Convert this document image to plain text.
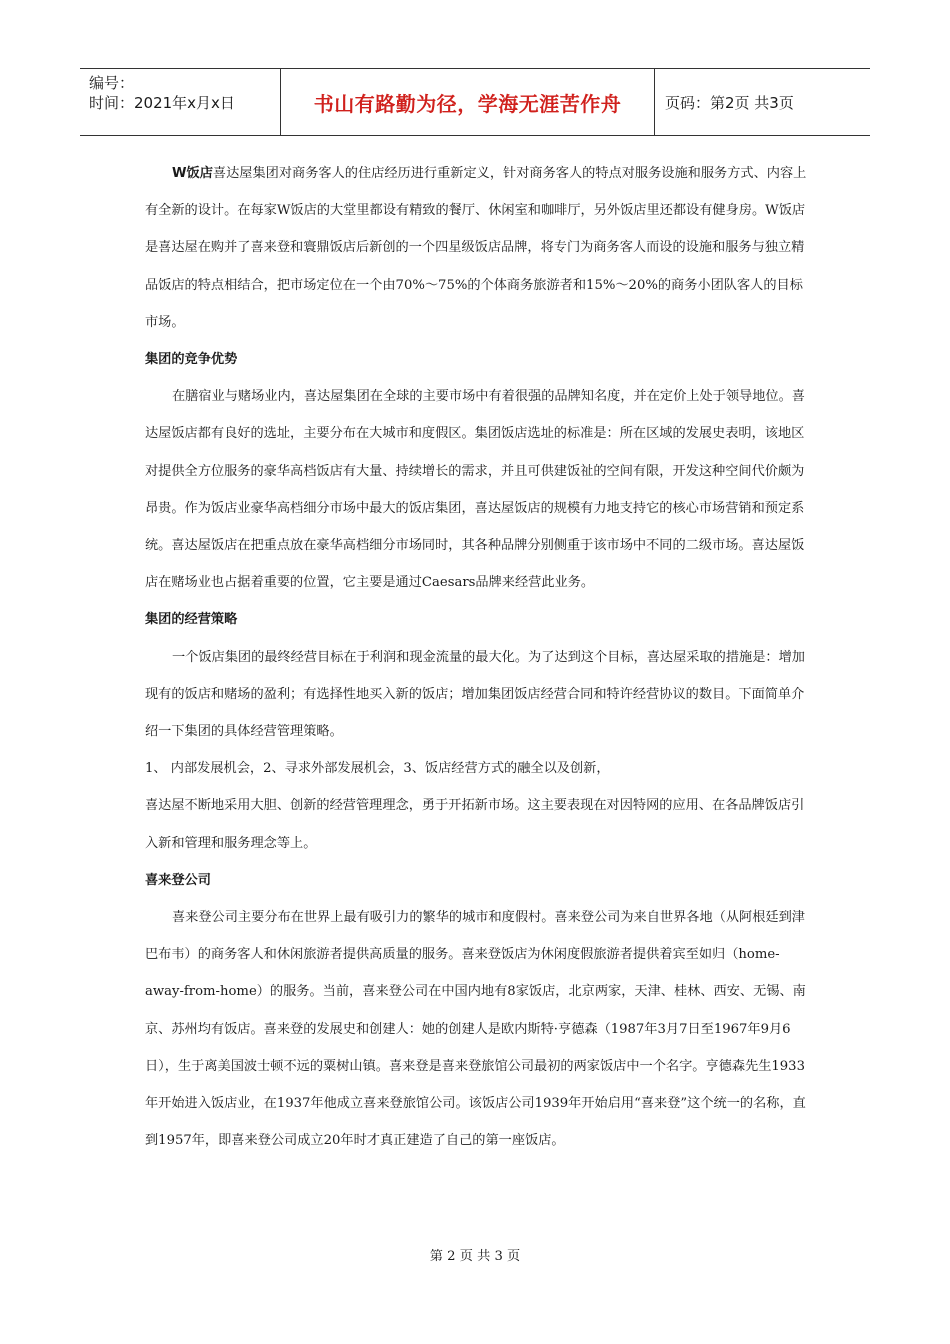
编号：
时间：2021年x月x日	书山有路勤为径，学海无涯苦作舟	页码：第2页 共3页

W饭店喜达屋集团对商务客人的住店经历进行重新定义，针对商务客人的特点对服务设施和服务方式、内容上有全新的设计。在每家W饭店的大堂里都设有精致的餐厅、休闲室和咖啡厅，另外饭店里还都设有健身房。W饭店是喜达屋在购并了喜来登和寰鼎饭店后新创的一个四星级饭店品牌，将专门为商务客人而设的设施和服务与独立精品饭店的特点相结合，把市场定位在一个由70%～75%的个体商务旅游者和15%～20%的商务小团队客人的目标市场。

集团的竞争优势

在膳宿业与赌场业内，喜达屋集团在全球的主要市场中有着很强的品牌知名度，并在定价上处于领导地位。喜达屋饭店都有良好的选址，主要分布在大城市和度假区。集团饭店选址的标准是：所在区域的发展史表明，该地区对提供全方位服务的豪华高档饭店有大量、持续增长的需求，并且可供建饭祉的空间有限，开发这种空间代价颇为昂贵。作为饭店业豪华高档细分市场中最大的饭店集团，喜达屋饭店的规模有力地支持它的核心市场营销和预定系统。喜达屋饭店在把重点放在豪华高档细分市场同时，其各种品牌分别侧重于该市场中不同的二级市场。喜达屋饭店在赌场业也占据着重要的位置，它主要是通过Caesars品牌来经营此业务。

集团的经营策略

一个饭店集团的最终经营目标在于利润和现金流量的最大化。为了达到这个目标，喜达屋采取的措施是：增加现有的饭店和赌场的盈利；有选择性地买入新的饭店；增加集团饭店经营合同和特许经营协议的数目。下面简单介绍一下集团的具体经营管理策略。

1、 内部发展机会，2、寻求外部发展机会，3、饭店经营方式的融全以及创新，

喜达屋不断地采用大胆、创新的经营管理理念，勇于开拓新市场。这主要表现在对因特网的应用、在各品牌饭店引入新和管理和服务理念等上。

喜来登公司

喜来登公司主要分布在世界上最有吸引力的繁华的城市和度假村。喜来登公司为来自世界各地（从阿根廷到津巴布韦）的商务客人和休闲旅游者提供高质量的服务。喜来登饭店为休闲度假旅游者提供着宾至如归（home-away-from-home）的服务。当前，喜来登公司在中国内地有8家饭店，北京两家，天津、桂林、西安、无锡、南京、苏州均有饭店。喜来登的发展史和创建人：她的创建人是欧内斯特·亨德森（1987年3月7日至1967年9月6日），生于离美国波士顿不远的粟树山镇。喜来登是喜来登旅馆公司最初的两家饭店中一个名字。亨德森先生1933年开始进入饭店业，在1937年他成立喜来登旅馆公司。该饭店公司1939年开始启用“喜来登”这个统一的名称，直到1957年，即喜来登公司成立20年时才真正建造了自己的第一座饭店。

第 2 页 共 3 页
